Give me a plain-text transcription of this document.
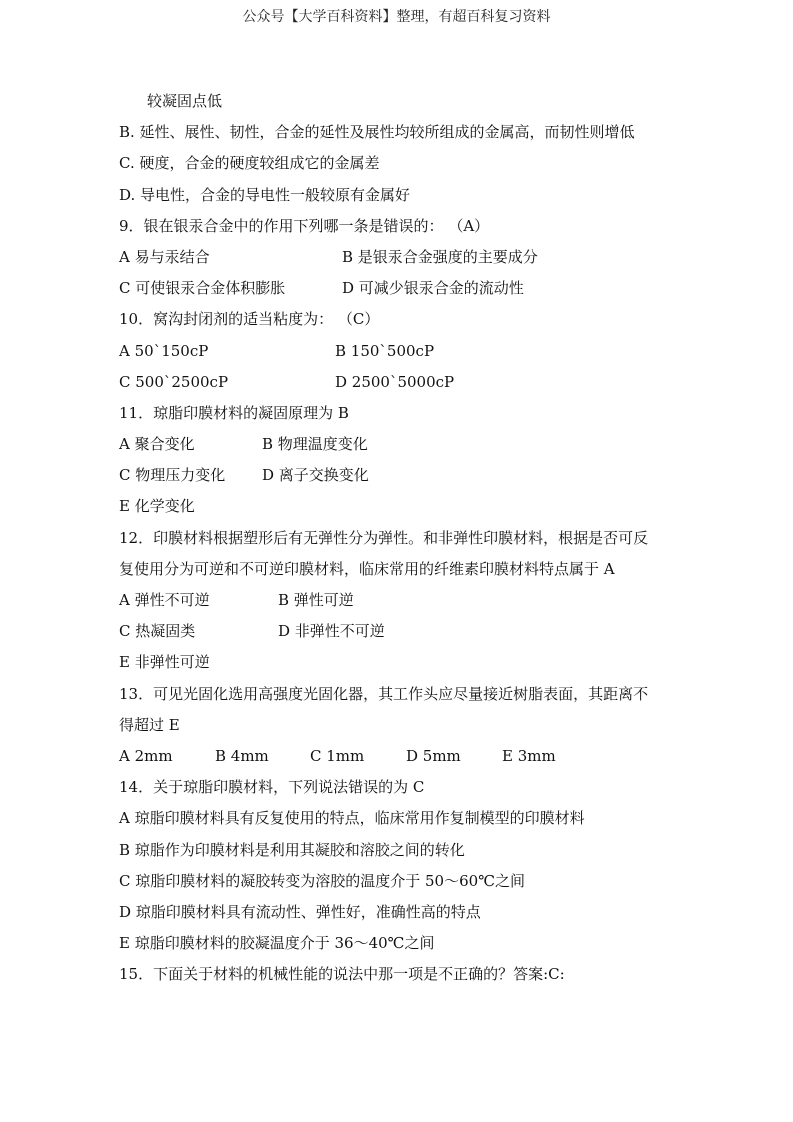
公众号【大学百科资料】整理，有超百科复习资料
较凝固点低
B. 延性、展性、韧性，合金的延性及展性均较所组成的金属高，而韧性则增低
C. 硬度，合金的硬度较组成它的金属差
D. 导电性，合金的导电性一般较原有金属好
9．银在银汞合金中的作用下列哪一条是错误的： （A）
A 易与汞结合	B 是银汞合金强度的主要成分
C 可使银汞合金体积膨胀	D 可减少银汞合金的流动性
10．窝沟封闭剂的适当粘度为： （C）
A 50`150cP	B 150`500cP
C 500`2500cP	D 2500`5000cP
11．琼脂印膜材料的凝固原理为 B
A 聚合变化	B 物理温度变化
C 物理压力变化 D 离子交换变化
E 化学变化
12．印膜材料根据塑形后有无弹性分为弹性。和非弹性印膜材料，根据是否可反
复使用分为可逆和不可逆印膜材料，临床常用的纤维素印膜材料特点属于 A
A 弹性不可逆	B 弹性可逆
C 热凝固类	D 非弹性不可逆
E 非弹性可逆
13．可见光固化选用高强度光固化器，其工作头应尽量接近树脂表面，其距离不
得超过 E
A 2mm	B 4mm	C 1mm	D 5mm	E 3mm
14．关于琼脂印膜材料，下列说法错误的为 C
A 琼脂印膜材料具有反复使用的特点，临床常用作复制模型的印膜材料
B 琼脂作为印膜材料是利用其凝胶和溶胶之间的转化
C 琼脂印膜材料的凝胶转变为溶胶的温度介于 50～60℃之间
D 琼脂印膜材料具有流动性、弹性好，准确性高的特点
E 琼脂印膜材料的胶凝温度介于 36～40℃之间
15．下面关于材料的机械性能的说法中那一项是不正确的？答案:C:
